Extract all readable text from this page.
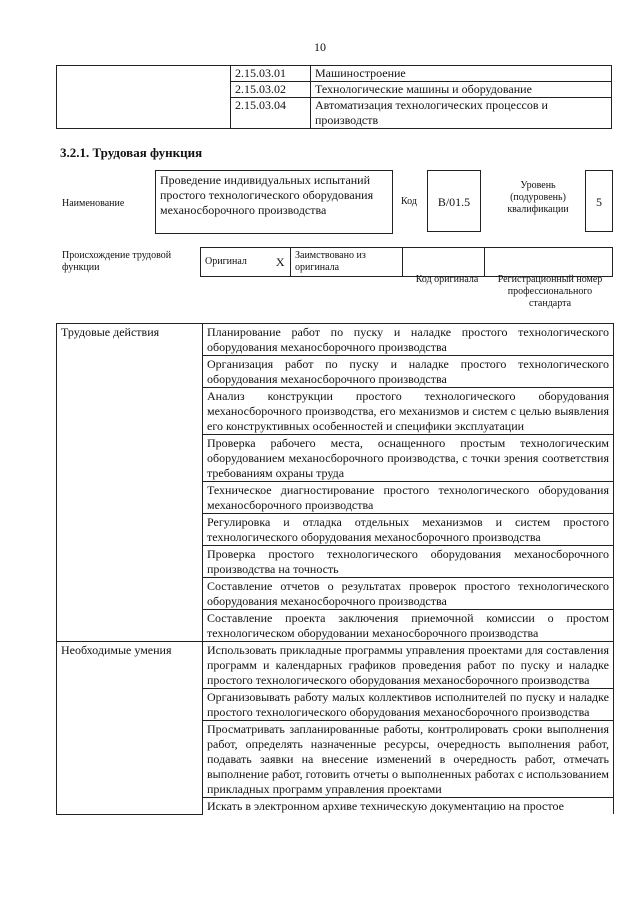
10
	2.15.03.01	Машиностроение
	2.15.03.02	Технологические машины и оборудование
	2.15.03.04	Автоматизация технологических процессов и производств
3.2.1. Трудовая функция
Наименование
Проведение индивидуальных испытаний простого технологического оборудования механосборочного производства
Код	B/01.5
Уровень (подуровень) квалификации
5
Происхождение трудовой функции
Оригинал	X	Заимствовано из оригинала		
Код оригинала	Регистрационный номер профессионального стандарта
Трудовые действия	Планирование работ по пуску и наладке простого технологического оборудования механосборочного производства
	Организация работ по пуску и наладке простого технологического оборудования механосборочного производства
	Анализ конструкции простого технологического оборудования механосборочного производства, его механизмов и систем с целью выявления его конструктивных особенностей и специфики эксплуатации
	Проверка рабочего места, оснащенного простым технологическим оборудованием механосборочного производства, с точки зрения соответствия требованиям охраны труда
	Техническое диагностирование простого технологического оборудования механосборочного производства
	Регулировка и отладка отдельных механизмов и систем простого технологического оборудования механосборочного производства
	Проверка простого технологического оборудования механосборочного производства на точность
	Составление отчетов о результатах проверок простого технологического оборудования механосборочного производства
	Составление проекта заключения приемочной комиссии о простом технологическом оборудовании механосборочного производства
Необходимые умения	Использовать прикладные программы управления проектами для составления программ и календарных графиков проведения работ по пуску и наладке простого технологического оборудования механосборочного производства
	Организовывать работу малых коллективов исполнителей по пуску и наладке простого технологического оборудования механосборочного производства
	Просматривать запланированные работы, контролировать сроки выполнения работ, определять назначенные ресурсы, очередность выполнения работ, подавать заявки на внесение изменений в очередность работ, отмечать выполнение работ, готовить отчеты о выполненных работах с использованием прикладных программ управления проектами
	Искать в электронном архиве техническую документацию на простое
